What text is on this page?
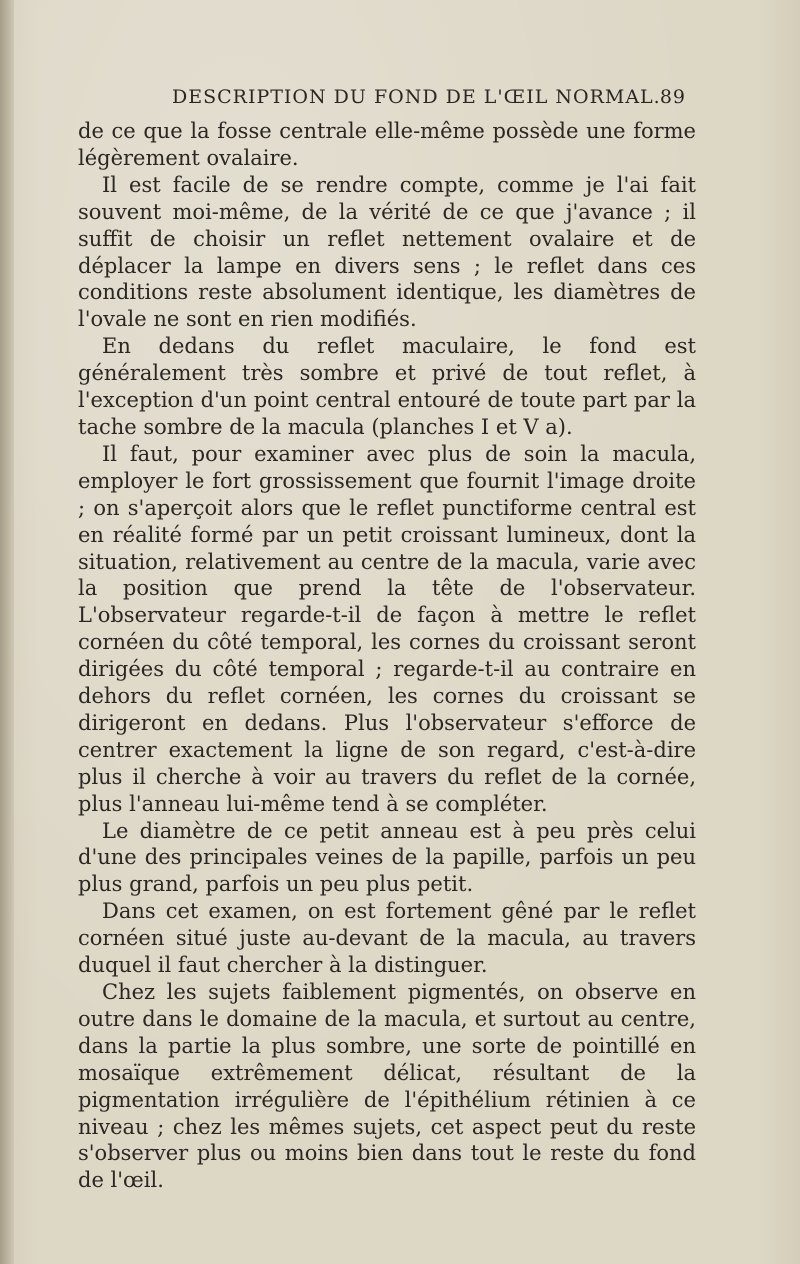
DESCRIPTION DU FOND DE L'ŒIL NORMAL. 89

de ce que la fosse centrale elle-même possède une forme légèrement ovalaire.

Il est facile de se rendre compte, comme je l'ai fait souvent moi-même, de la vérité de ce que j'avance ; il suffit de choisir un reflet nettement ovalaire et de déplacer la lampe en divers sens ; le reflet dans ces conditions reste absolument identique, les diamètres de l'ovale ne sont en rien modifiés.

En dedans du reflet maculaire, le fond est généralement très sombre et privé de tout reflet, à l'exception d'un point central entouré de toute part par la tache sombre de la macula (planches I et V a).

Il faut, pour examiner avec plus de soin la macula, employer le fort grossissement que fournit l'image droite ; on s'aperçoit alors que le reflet punctiforme central est en réalité formé par un petit croissant lumineux, dont la situation, relativement au centre de la macula, varie avec la position que prend la tête de l'observateur. L'observateur regarde-t-il de façon à mettre le reflet cornéen du côté temporal, les cornes du croissant seront dirigées du côté temporal ; regarde-t-il au contraire en dehors du reflet cornéen, les cornes du croissant se dirigeront en dedans. Plus l'observateur s'efforce de centrer exactement la ligne de son regard, c'est-à-dire plus il cherche à voir au travers du reflet de la cornée, plus l'anneau lui-même tend à se compléter.

Le diamètre de ce petit anneau est à peu près celui d'une des principales veines de la papille, parfois un peu plus grand, parfois un peu plus petit.

Dans cet examen, on est fortement gêné par le reflet cornéen situé juste au-devant de la macula, au travers duquel il faut chercher à la distinguer.

Chez les sujets faiblement pigmentés, on observe en outre dans le domaine de la macula, et surtout au centre, dans la partie la plus sombre, une sorte de pointillé en mosaïque extrêmement délicat, résultant de la pigmentation irrégulière de l'épithélium rétinien à ce niveau ; chez les mêmes sujets, cet aspect peut du reste s'observer plus ou moins bien dans tout le reste du fond de l'œil.
